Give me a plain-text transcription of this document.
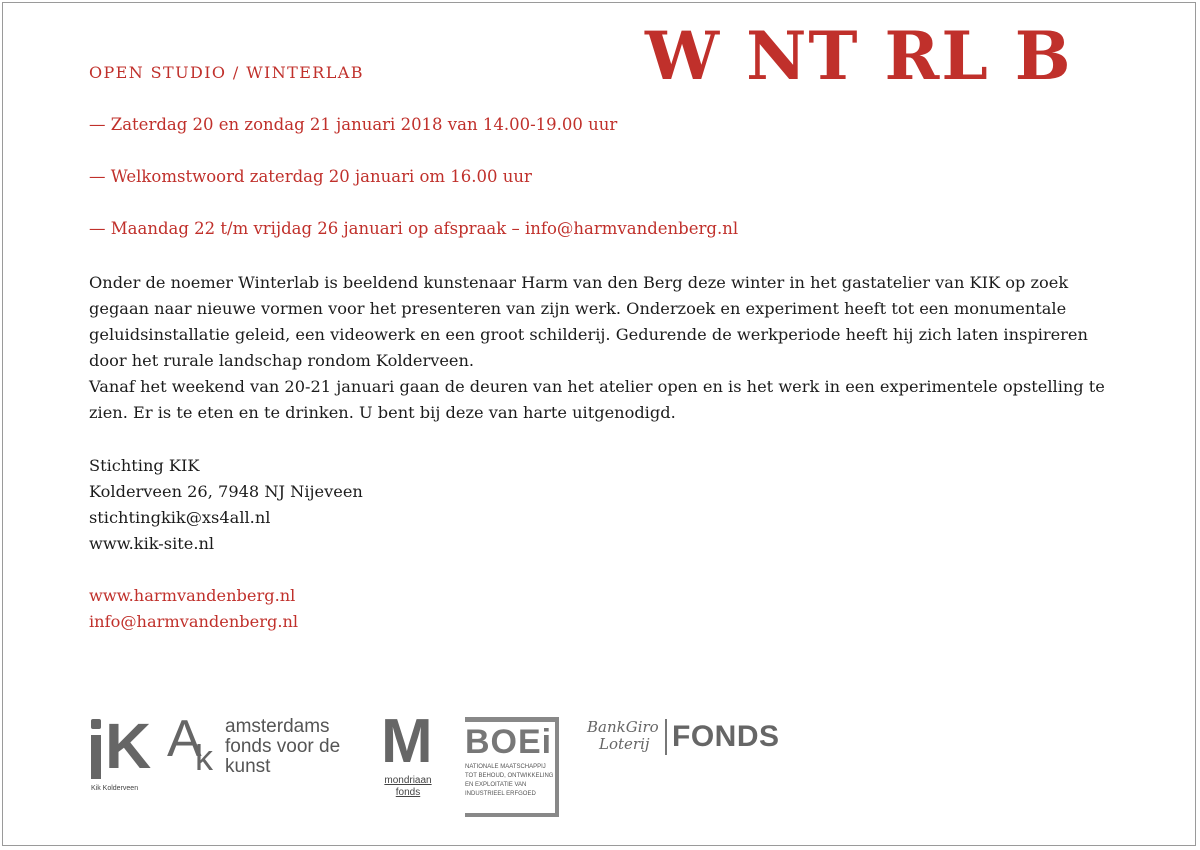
OPEN STUDIO / WINTERLAB	W NT RL B
— Zaterdag 20 en zondag 21 januari 2018 van 14.00-19.00 uur
— Welkomstwoord zaterdag 20 januari om 16.00 uur
— Maandag 22 t/m vrijdag 26 januari op afspraak – info@harmvandenberg.nl

Onder de noemer Winterlab is beeldend kunstenaar Harm van den Berg deze winter in het gastatelier van KIK op zoek gegaan naar nieuwe vormen voor het presenteren van zijn werk. Onderzoek en experiment heeft tot een monumentale geluidsinstallatie geleid, een videowerk en een groot schilderij. Gedurende de werkperiode heeft hij zich laten inspireren door het rurale landschap rondom Kolderveen.

Vanaf het weekend van 20-21 januari gaan de deuren van het atelier open en is het werk in een experimentele opstelling te zien. Er is te eten en te drinken. U bent bij deze van harte uitgenodigd.

Stichting KIK
Kolderveen 26, 7948 NJ Nijeveen
stichtingkik@xs4all.nl
www.kik-site.nl
www.harmvandenberg.nl
info@harmvandenberg.nl
K
Kik Kolderveen
A
k
amsterdams
fonds voor de
kunst	M
mondriaan
fonds
BOEi
NATIONALE MAATSCHAPPIJ
TOT BEHOUD, ONTWIKKELING
EN EXPLOITATIE VAN
INDUSTRIEEL ERFGOED
BankGiro
Loterij FONDS
